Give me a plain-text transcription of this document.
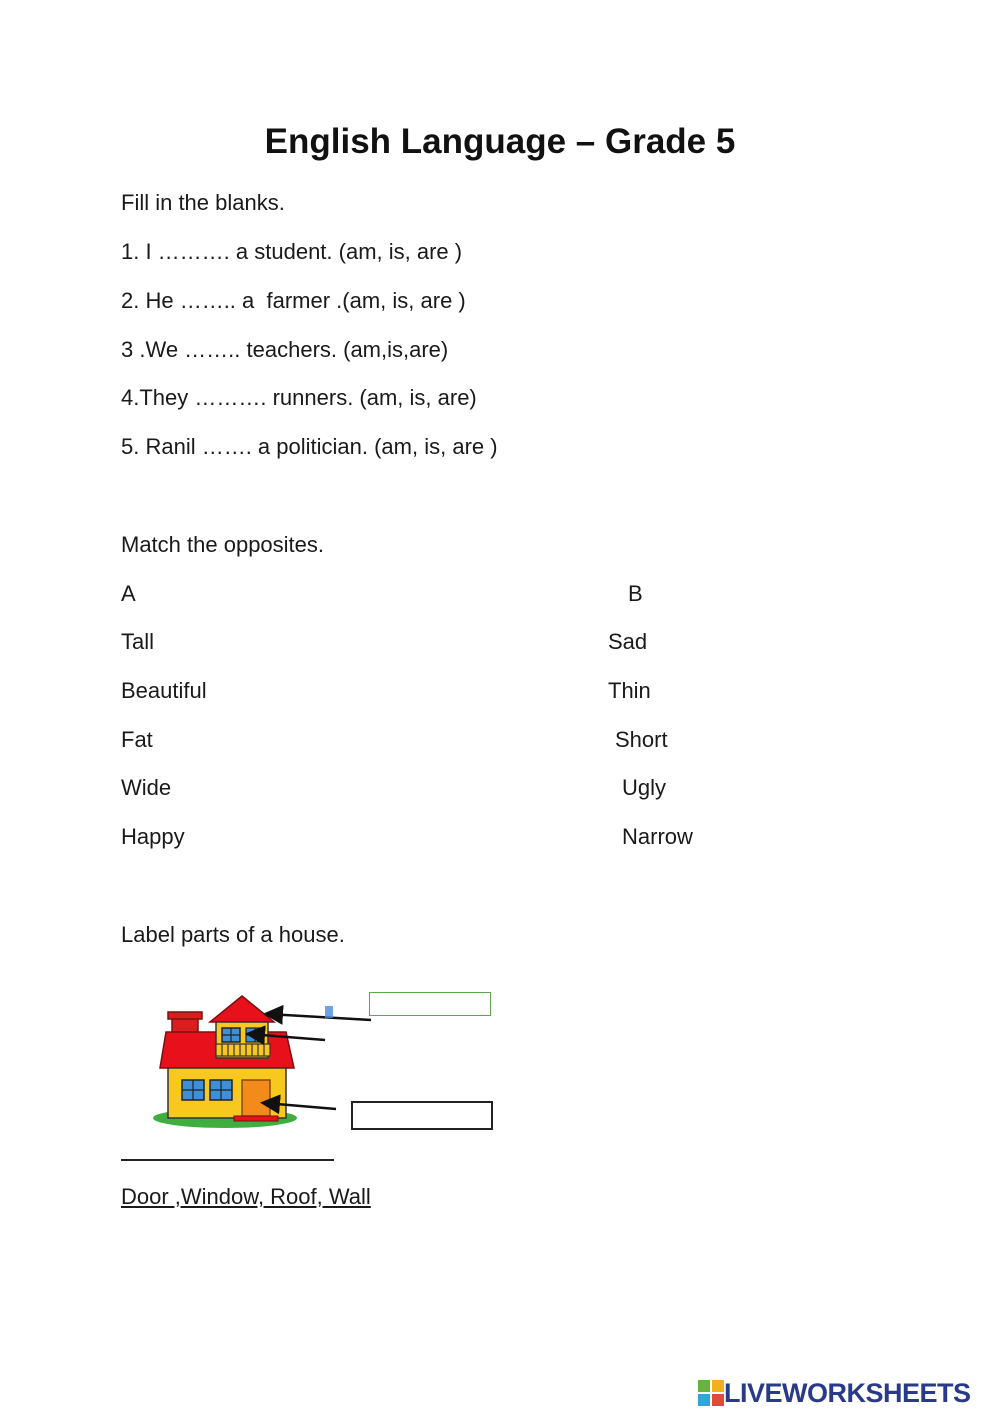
English Language – Grade 5
Fill in the blanks.
1. I ………. a student. (am, is, are )
2. He …….. a  farmer .(am, is, are )
3 .We …….. teachers. (am,is,are)
4.They ………. runners. (am, is, are)
5. Ranil ……. a politician. (am, is, are )
Match the opposites.
A	B
Tall
Beautiful
Fat
Wide
Happy
Sad
Thin
Short
Ugly
Narrow
Label parts of a house.
Door ,Window, Roof, Wall
LIVEWORKSHEETS
